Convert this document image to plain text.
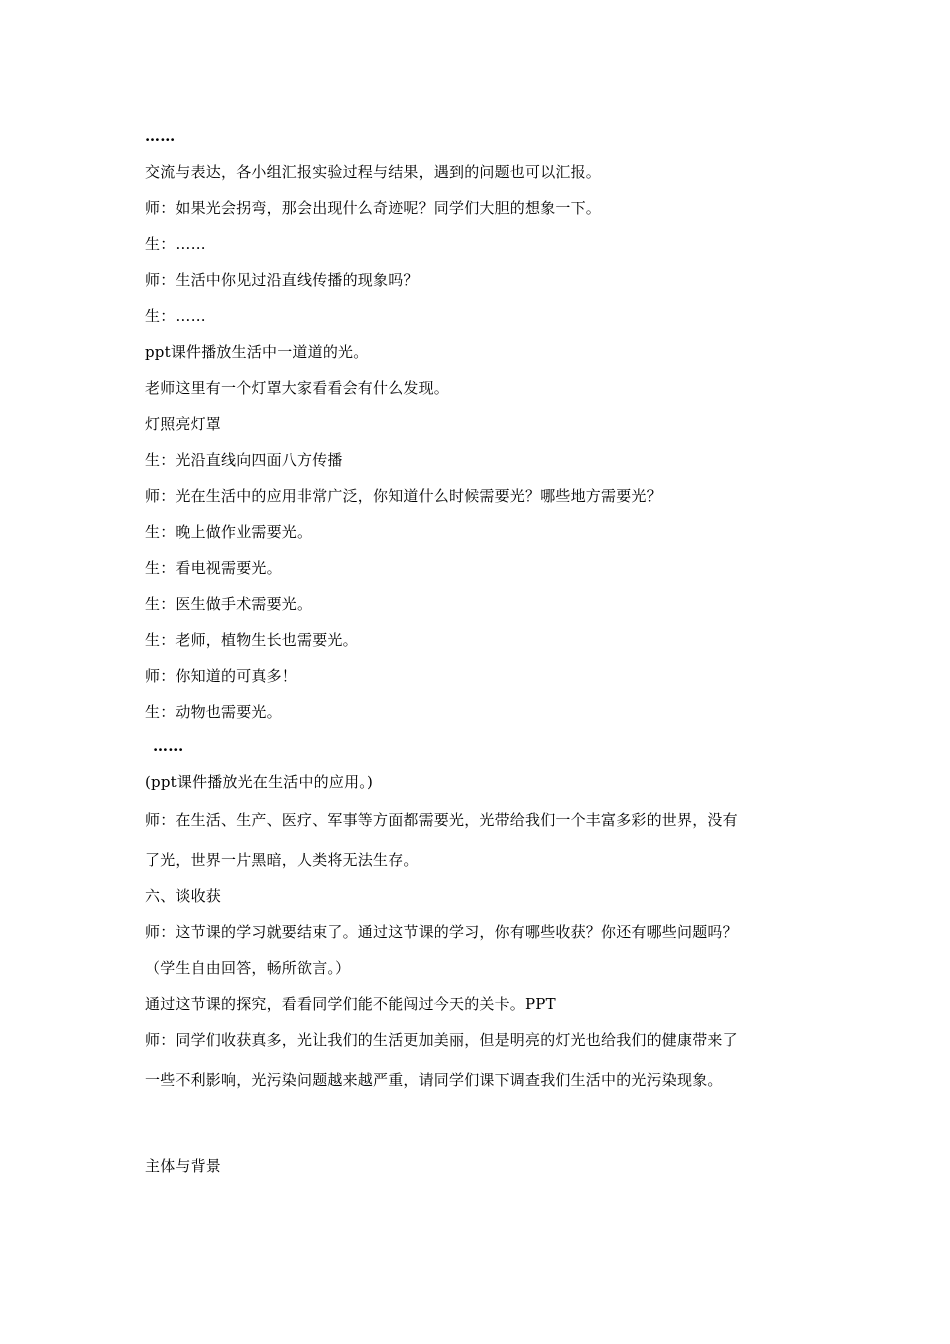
……
交流与表达，各小组汇报实验过程与结果，遇到的问题也可以汇报。
师：如果光会拐弯，那会出现什么奇迹呢？同学们大胆的想象一下。
生：……
师：生活中你见过沿直线传播的现象吗？
生：……
ppt课件播放生活中一道道的光。
老师这里有一个灯罩大家看看会有什么发现。
灯照亮灯罩
生：光沿直线向四面八方传播
师：光在生活中的应用非常广泛，你知道什么时候需要光？哪些地方需要光？
生：晚上做作业需要光。
生：看电视需要光。
生：医生做手术需要光。
生：老师，植物生长也需要光。
师：你知道的可真多！
生：动物也需要光。
……
(ppt课件播放光在生活中的应用。)
师：在生活、生产、医疗、军事等方面都需要光，光带给我们一个丰富多彩的世界，没有
了光，世界一片黑暗，人类将无法生存。
六、谈收获
师：这节课的学习就要结束了。通过这节课的学习，你有哪些收获？你还有哪些问题吗？
（学生自由回答，畅所欲言。）
通过这节课的探究，看看同学们能不能闯过今天的关卡。PPT
师：同学们收获真多，光让我们的生活更加美丽，但是明亮的灯光也给我们的健康带来了
一些不利影响，光污染问题越来越严重，请同学们课下调查我们生活中的光污染现象。
主体与背景
